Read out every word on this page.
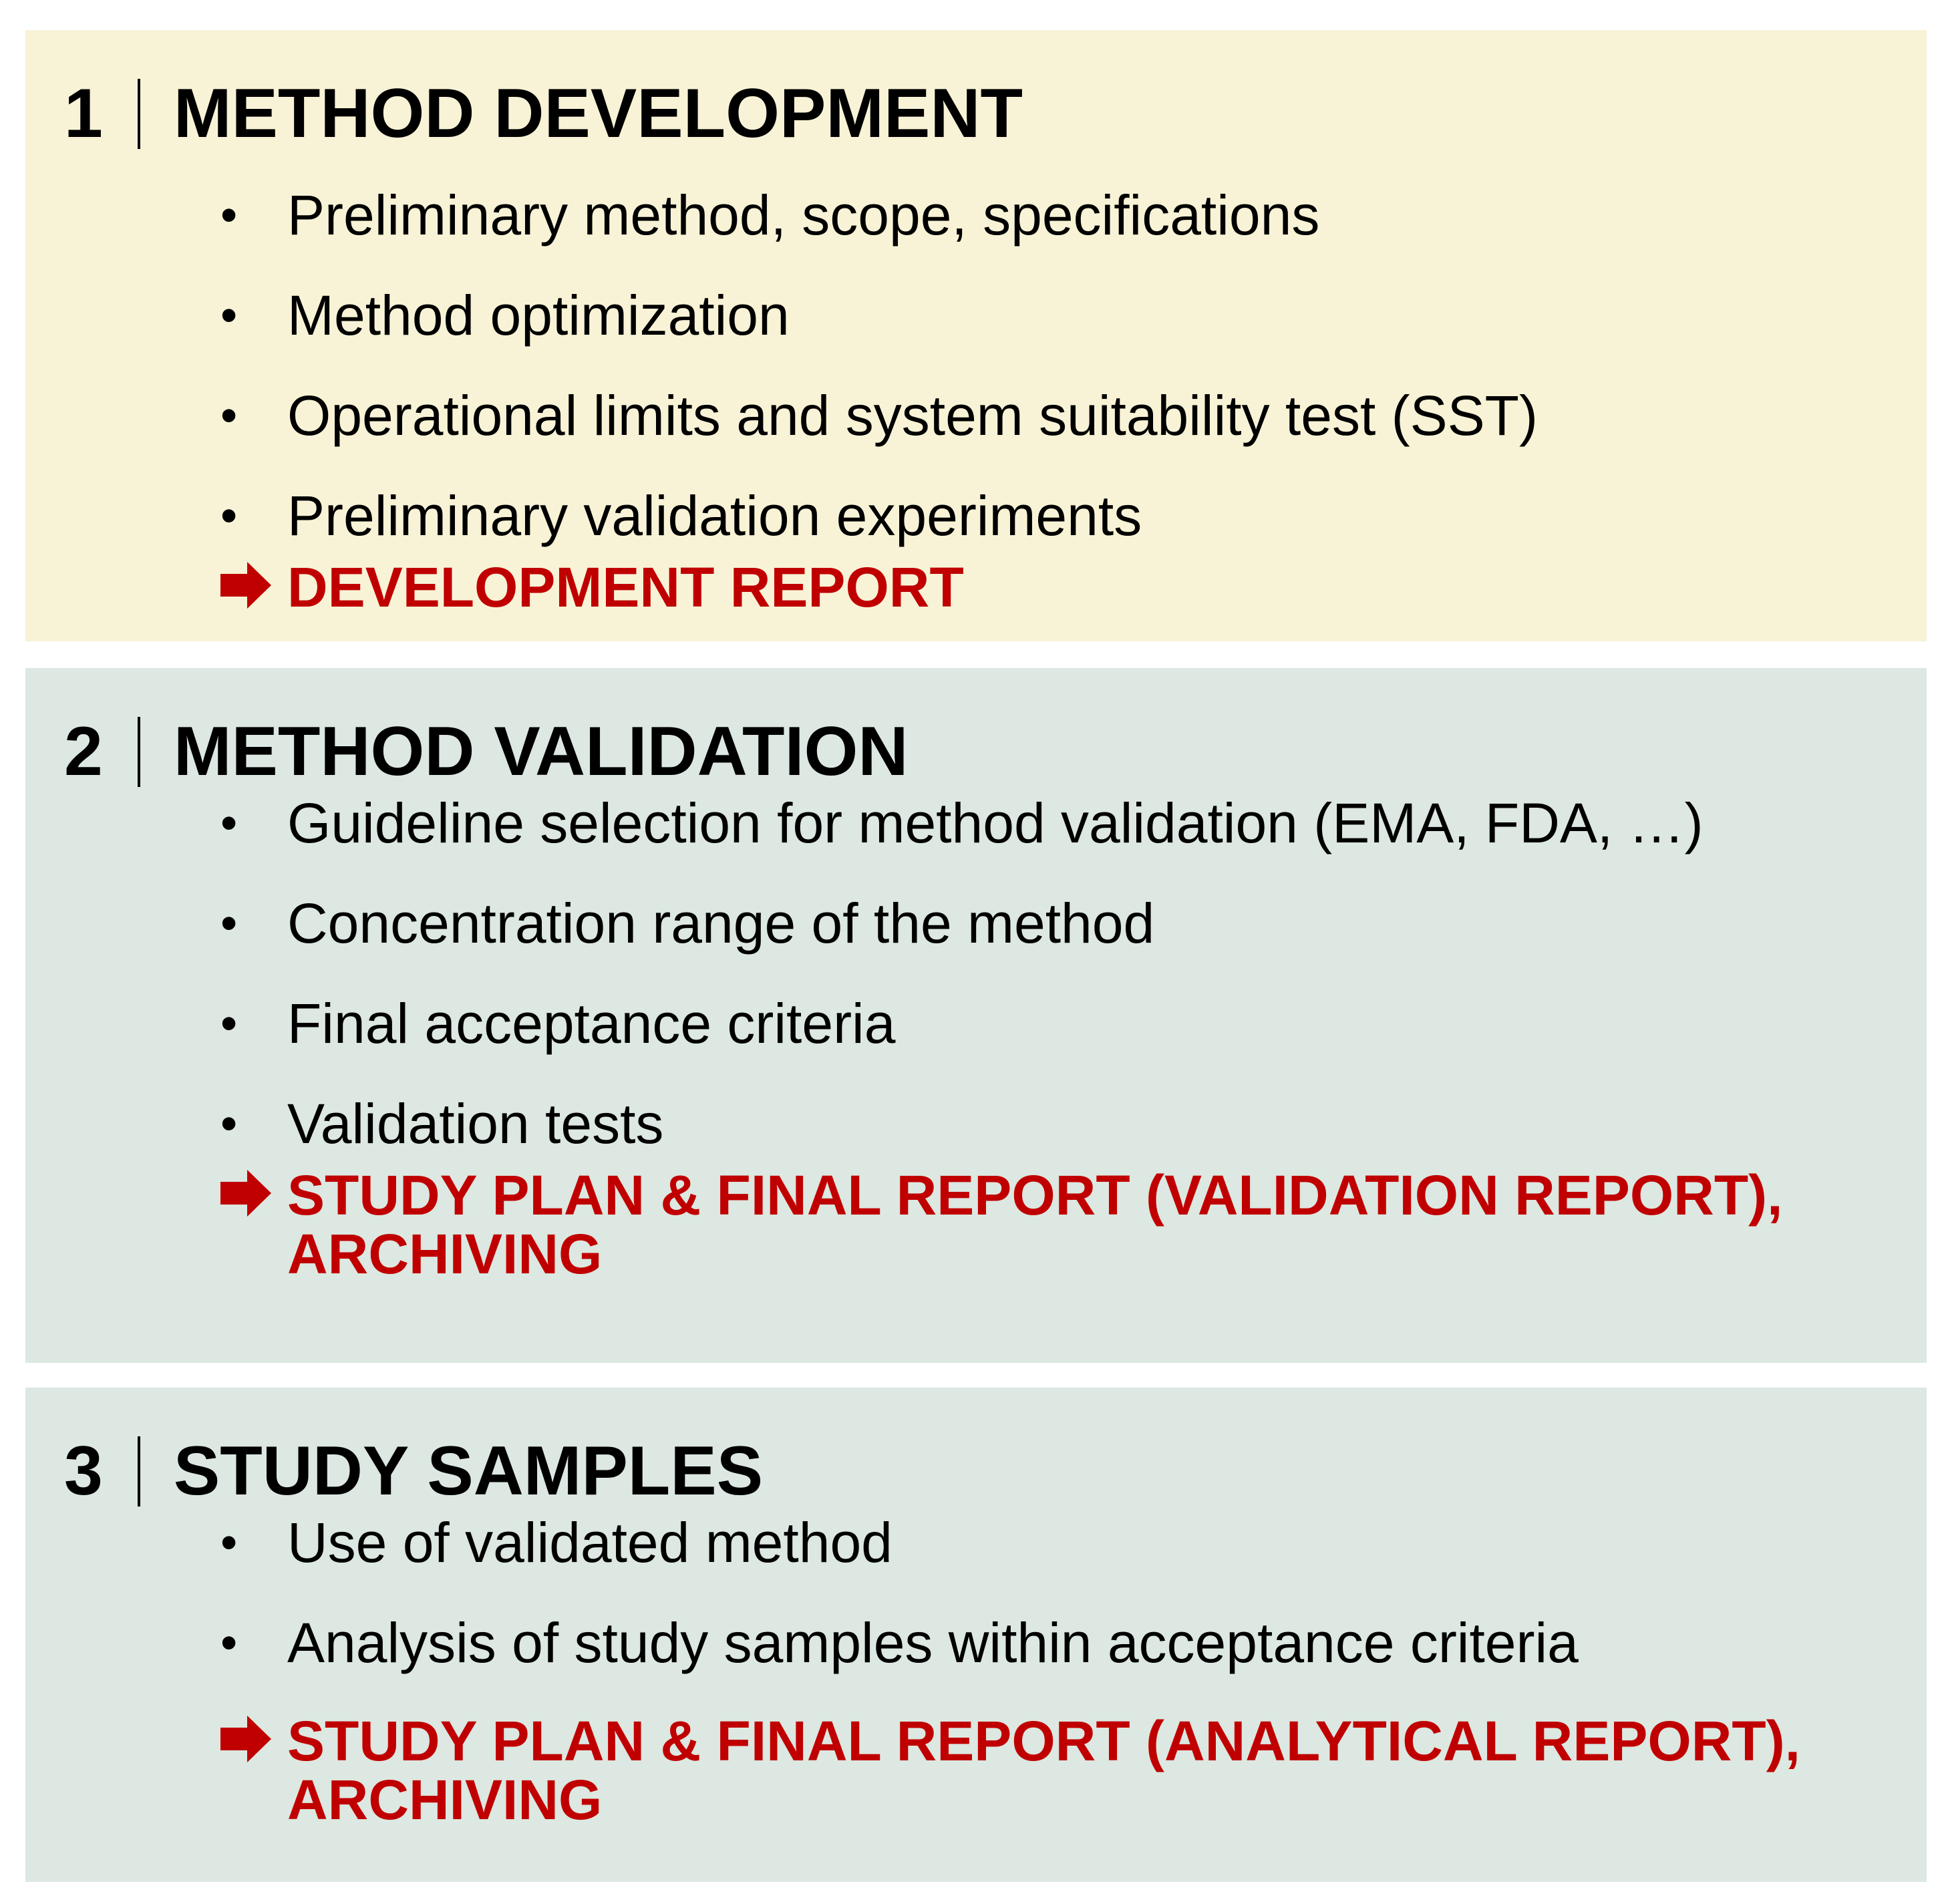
1 METHOD DEVELOPMENT
• Preliminary method, scope, specifications
• Method optimization
• Operational limits and system suitability test (SST)
• Preliminary validation experiments
DEVELOPMENT REPORT
2 METHOD VALIDATION
• Guideline selection for method validation (EMA, FDA, …)
• Concentration range of the method
• Final acceptance criteria
• Validation tests
STUDY PLAN & FINAL REPORT (VALIDATION REPORT),
ARCHIVING
3 STUDY SAMPLES
• Use of validated method
• Analysis of study samples within acceptance criteria
STUDY PLAN & FINAL REPORT (ANALYTICAL REPORT),
ARCHIVING
